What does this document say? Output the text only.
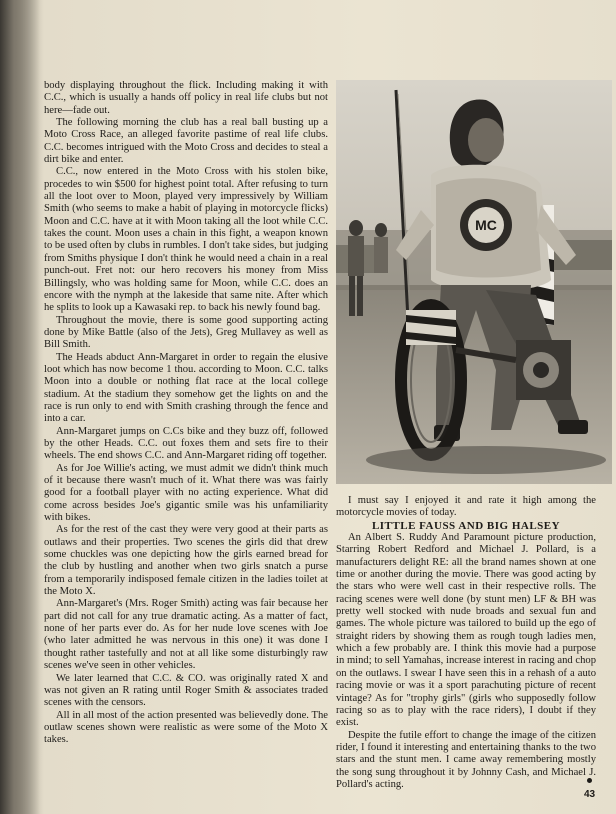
body displaying throughout the flick. Including making it with C.C., which is usually a hands off policy in real life clubs but not here—fade out.

The following morning the club has a real ball busting up a Moto Cross Race, an alleged favorite pastime of real life clubs. C.C. becomes intrigued with the Moto Cross and decides to steal a dirt bike and enter.

C.C., now entered in the Moto Cross with his stolen bike, procedes to win $500 for highest point total. After refusing to turn all the loot over to Moon, played very impressively by William Smith (who seems to make a habit of playing in motorcycle flicks) Moon and C.C. have at it with Moon taking all the loot while C.C. takes the count. Moon uses a chain in this fight, a weapon known to be used often by clubs in rumbles. I don't take sides, but judging from Smiths physique I don't think he would need a chain in a real punch-out. Fret not: our hero recovers his money from Miss Billingsly, who was holding same for Moon, while C.C. does an encore with the nymph at the lakeside that same nite. After which he splits to look up a Kawasaki rep. to back his newly found bag.

Throughout the movie, there is some good supporting acting done by Mike Battle (also of the Jets), Greg Mullavey as well as Bill Smith.

The Heads abduct Ann-Margaret in order to regain the elusive loot which has now become 1 thou. according to Moon. C.C. talks Moon into a double or nothing flat race at the local college stadium. At the stadium they somehow get the lights on and the race is run only to end with Smith crashing through the fence and into a car.

Ann-Margaret jumps on C.Cs bike and they buzz off, followed by the other Heads. C.C. out foxes them and sets fire to their wheels. The end shows C.C. and Ann-Margaret riding off together.

As for Joe Willie's acting, we must admit we didn't think much of it because there wasn't much of it. What there was was fairly good for a football player with no acting experience. What did come across besides Joe's gigantic smile was his unfamiliarity with bikes.

As for the rest of the cast they were very good at their parts as outlaws and their properties. Two scenes the girls did that drew some chuckles was one depicting how the girls earned bread for the club by hustling and another when two girls snatch a purse from a temporarily indisposed female citizen in the ladies toilet at the Moto X.

Ann-Margaret's (Mrs. Roger Smith) acting was fair because her part did not call for any true dramatic acting. As a matter of fact, none of her parts ever do. As for her nude love scenes with Joe (who later admitted he was nervous in this one) it was done I thought rather tastefully and not at all like some disturbingly raw scenes we've seen in other vehicles.

We later learned that C.C. & CO. was originally rated X and was not given an R rating until Roger Smith & associates traded scenes with the censors.

All in all most of the action presented was believedly done. The outlaw scenes shown were realistic as were some of the Moto X takes.

MC

I must say I enjoyed it and rate it high among the motorcycle movies of today.

LITTLE FAUSS AND BIG HALSEY

An Albert S. Ruddy And Paramount picture production, Starring Robert Redford and Michael J. Pollard, is a manufacturers delight RE: all the brand names shown at one time or another during the movie. There was good acting by the stars who were well cast in their respective rolls. The racing scenes were well done (by stunt men) LF & BH was pretty well stocked with nude broads and sexual fun and games. The whole picture was tailored to build up the ego of straight riders by showing them as rough tough ladies men, which a few probably are. I think this movie had a purpose in mind; to sell Yamahas, increase interest in racing and chop on the outlaws. I swear I have seen this in a rehash of a auto racing movie or was it a sport parachuting picture of recent vintage? As for "trophy girls" (girls who supposedly follow racing so as to play with the race riders), I doubt if they exist.

Despite the futile effort to change the image of the citizen rider, I found it interesting and entertaining thanks to the two stars and the stunt men. I came away remembering mostly the song sung throughout it by Johnny Cash, and Michael J. Pollard's acting.

43
